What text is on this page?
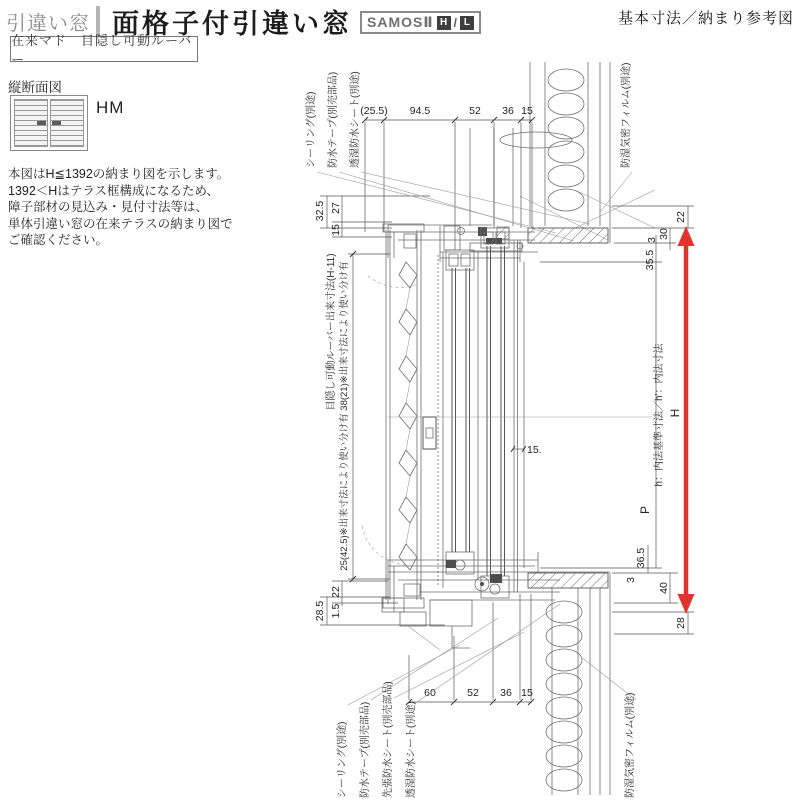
引違い窓 面格子付引違い窓 SAMOSⅡ H / L	基本寸法／納まり参考図
在来マド　目隠し可動ルーバー
縦断面図
HM
本図はH≦1392の納まり図を示します。
1392＜Hはテラス框構成になるため、
障子部材の見込み・見付寸法等は、
単体引違い窓の在来テラスの納まり図で
ご確認ください。
(25.5) 94.5	52 36 15
60	52 36 15
32.5 27
15
22
1.5
28.5
22
30
3
35.5
h：内法基準寸法／h'：内法寸法 H
P
36.5
3
40
28
15.
シーリング(別途) 防水テープ(別売部品) 透湿防水シート(別途)	防湿気密フィルム(別途)
シーリング(別途) 防水テープ(別売部品) 先張防水シート(別売部品) 透湿防水シート(別途)	防湿気密フィルム(別途)
目隠し可動ルーバー出来寸法(H-11) 25(42.5)※出来寸法により使い分け有 38(21)※出来寸法により使い分け有
